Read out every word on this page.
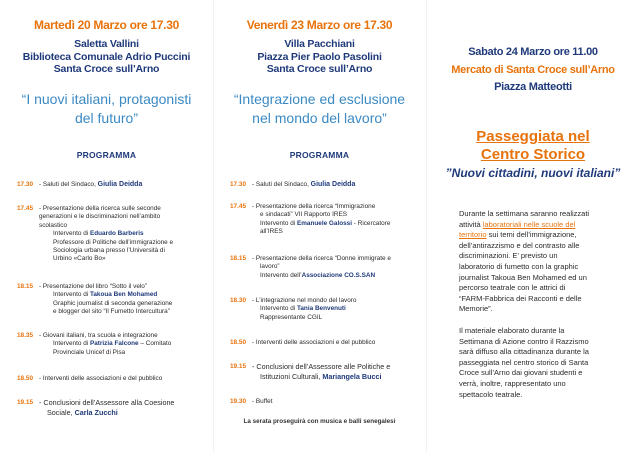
Martedì 20 Marzo ore 17.30
Saletta Vallini
Biblioteca Comunale Adrio Puccini
Santa Croce sull’Arno
“I nuovi italiani, protagonisti
del futuro”
PROGRAMMA
17.30 - Saluti del Sindaco, Giulia Deidda
17.45 - Presentazione della ricerca sulle seconde
generazioni e le discriminazioni nell’ambito
scolastico
Intervento di Eduardo Barberis
Professore di Politiche dell’immigrazione e
Sociologia urbana presso l’Università di
Urbino «Carlo Bo»
18.15 - Presentazione del libro “Sotto il velo”
Intervento di Takoua Ben Mohamed
Graphic journalist di seconda generazione
e blogger del sito “Il Fumetto Intercultura”
18.35 - Giovani italiani, tra scuola e integrazione
Intervento di Patrizia Falcone – Comitato
Provinciale Unicef di Pisa
18.50 - Interventi delle associazioni e del pubblico
19.15 - Conclusioni dell’Assessore alla Coesione
Sociale, Carla Zucchi
Venerdì 23 Marzo ore 17.30
Villa Pacchiani
Piazza Pier Paolo Pasolini
Santa Croce sull’Arno
“Integrazione ed esclusione
nel mondo del lavoro”
PROGRAMMA
17.30 - Saluti del Sindaco, Giulia Deidda
17.45 - Presentazione della ricerca “Immigrazione
e sindacati” VII Rapporto IRES
Intervento di Emanuele Galossi - Ricercatore
all’IRES
18.15 - Presentazione della ricerca “Donne immigrate e
lavoro”
Intervento dell’Associazione CO.S.SAN
18.30 - L’integrazione nel mondo del lavoro
Intervento di Tania Benvenuti
Rappresentante CGIL
18.50 - Interventi delle associazioni e del pubblico
19.15 - Conclusioni dell’Assessore alle Politiche e
Istituzioni Culturali, Mariangela Bucci
19.30 - Buffet
La serata proseguirà con musica e balli senegalesi
Sabato 24 Marzo ore 11.00
Mercato di Santa Croce sull’Arno
Piazza Matteotti
Passeggiata nel
Centro Storico
”Nuovi cittadini, nuovi italiani”
Durante la settimana saranno realizzati
attività laboratoriali nelle scuole del
territorio sui temi dell’immigrazione,
dell’antirazzismo e del contrasto alle
discriminazioni. E’ previsto un
laboratorio di fumetto con la graphic
journalist Takoua Ben Mohamed ed un
percorso teatrale con le attrici di
“FARM-Fabbrica dei Racconti e delle
Memorie”.
Il materiale elaborato durante la
Settimana di Azione contro il Razzismo
sarà diffuso alla cittadinanza durante la
passeggiata nel centro storico di Santa
Croce sull’Arno dai giovani studenti e
verrà, inoltre, rappresentato uno
spettacolo teatrale.
